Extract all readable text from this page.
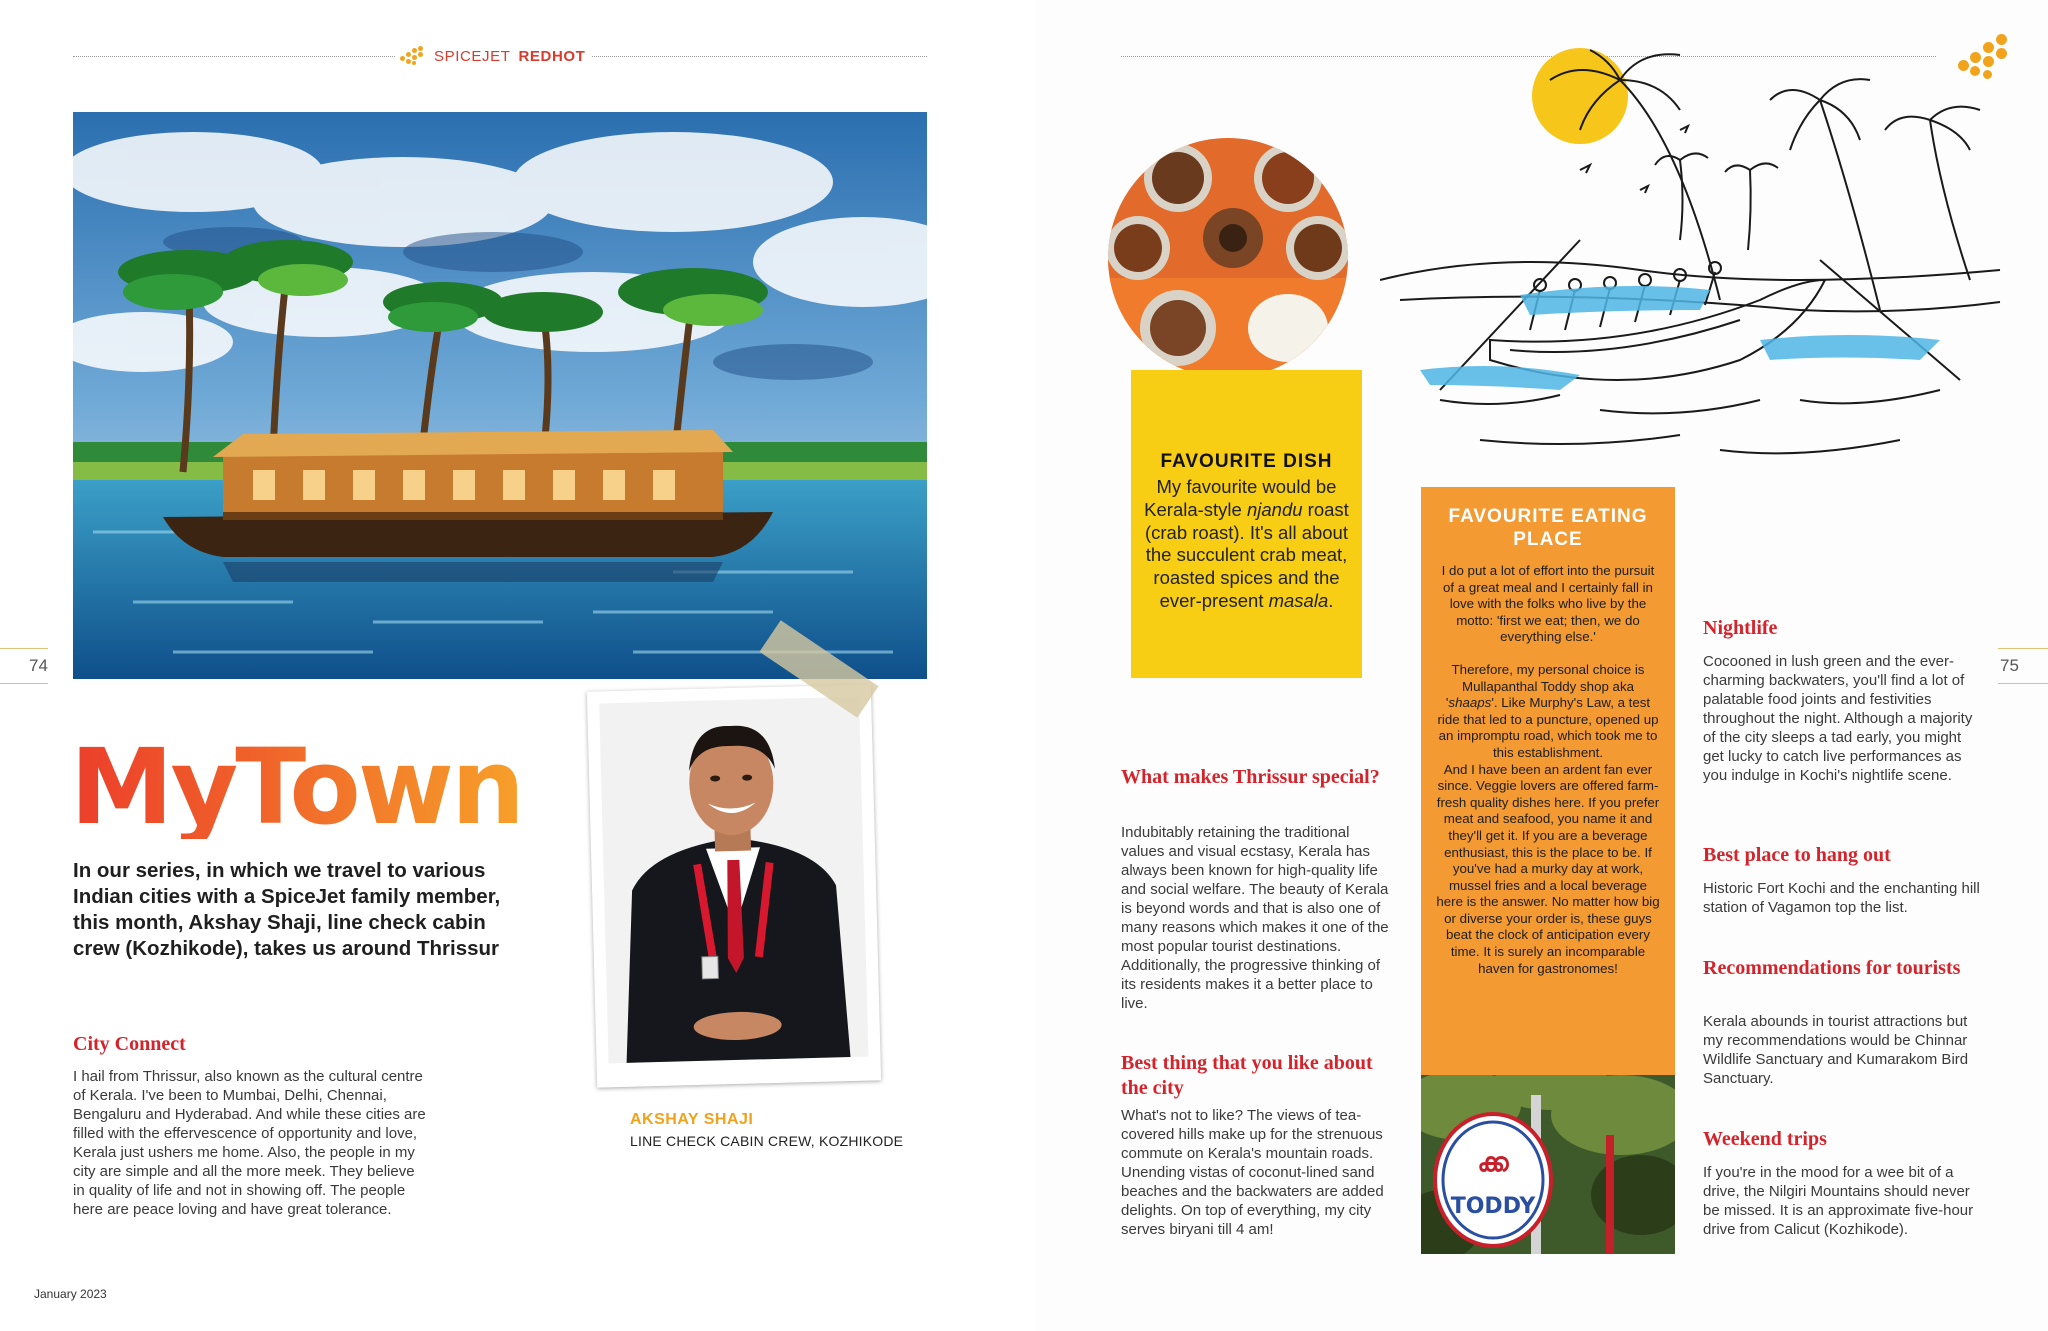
SPICEJET REDHOT
74	75
MyTown
In our series, in which we travel to various Indian cities with a SpiceJet family member, this month, Akshay Shaji, line check cabin crew (Kozhikode), takes us around Thrissur
City Connect
I hail from Thrissur, also known as the cultural centre of Kerala. I've been to Mumbai, Delhi, Chennai, Bengaluru and Hyderabad. And while these cities are filled with the effervescence of opportunity and love, Kerala just ushers me home. Also, the people in my city are simple and all the more meek. They believe in quality of life and not in showing off. The people here are peace loving and have great tolerance.
AKSHAY SHAJI
LINE CHECK CABIN CREW, KOZHIKODE
FAVOURITE DISH
My favourite would be Kerala-style njandu roast (crab roast). It's all about the succulent crab meat, roasted spices and the ever-present masala.
FAVOURITE EATING PLACE
I do put a lot of effort into the pursuit of a great meal and I certainly fall in love with the folks who live by the motto: 'first we eat; then, we do everything else.'
Therefore, my personal choice is Mullapanthal Toddy shop aka 'shaaps'. Like Murphy's Law, a test ride that led to a puncture, opened up an impromptu road, which took me to this establishment.
And I have been an ardent fan ever since. Veggie lovers are offered farm-fresh quality dishes here. If you prefer meat and seafood, you name it and they'll get it. If you are a beverage enthusiast, this is the place to be. If you've had a murky day at work, mussel fries and a local beverage here is the answer. No matter how big or diverse your order is, these guys beat the clock of anticipation every time. It is surely an incomparable haven for gastronomes!
ക്ക
TODDY
What makes Thrissur special?
Indubitably retaining the traditional values and visual ecstasy, Kerala has always been known for high-quality life and social welfare. The beauty of Kerala is beyond words and that is also one of many reasons which makes it one of the most popular tourist destinations. Additionally, the progressive thinking of its residents makes it a better place to live.
Best thing that you like about the city
What's not to like? The views of tea-covered hills make up for the strenuous commute on Kerala's mountain roads. Unending vistas of coconut-lined sand beaches and the backwaters are added delights. On top of everything, my city serves biryani till 4 am!
Nightlife
Cocooned in lush green and the ever-charming backwaters, you'll find a lot of palatable food joints and festivities throughout the night. Although a majority of the city sleeps a tad early, you might get lucky to catch live performances as you indulge in Kochi's nightlife scene.
Best place to hang out
Historic Fort Kochi and the enchanting hill station of Vagamon top the list.
Recommendations for tourists
Kerala abounds in tourist attractions but my recommendations would be Chinnar Wildlife Sanctuary and Kumarakom Bird Sanctuary.
Weekend trips
If you're in the mood for a wee bit of a drive, the Nilgiri Mountains should never be missed. It is an approximate five-hour drive from Calicut (Kozhikode).
January 2023
